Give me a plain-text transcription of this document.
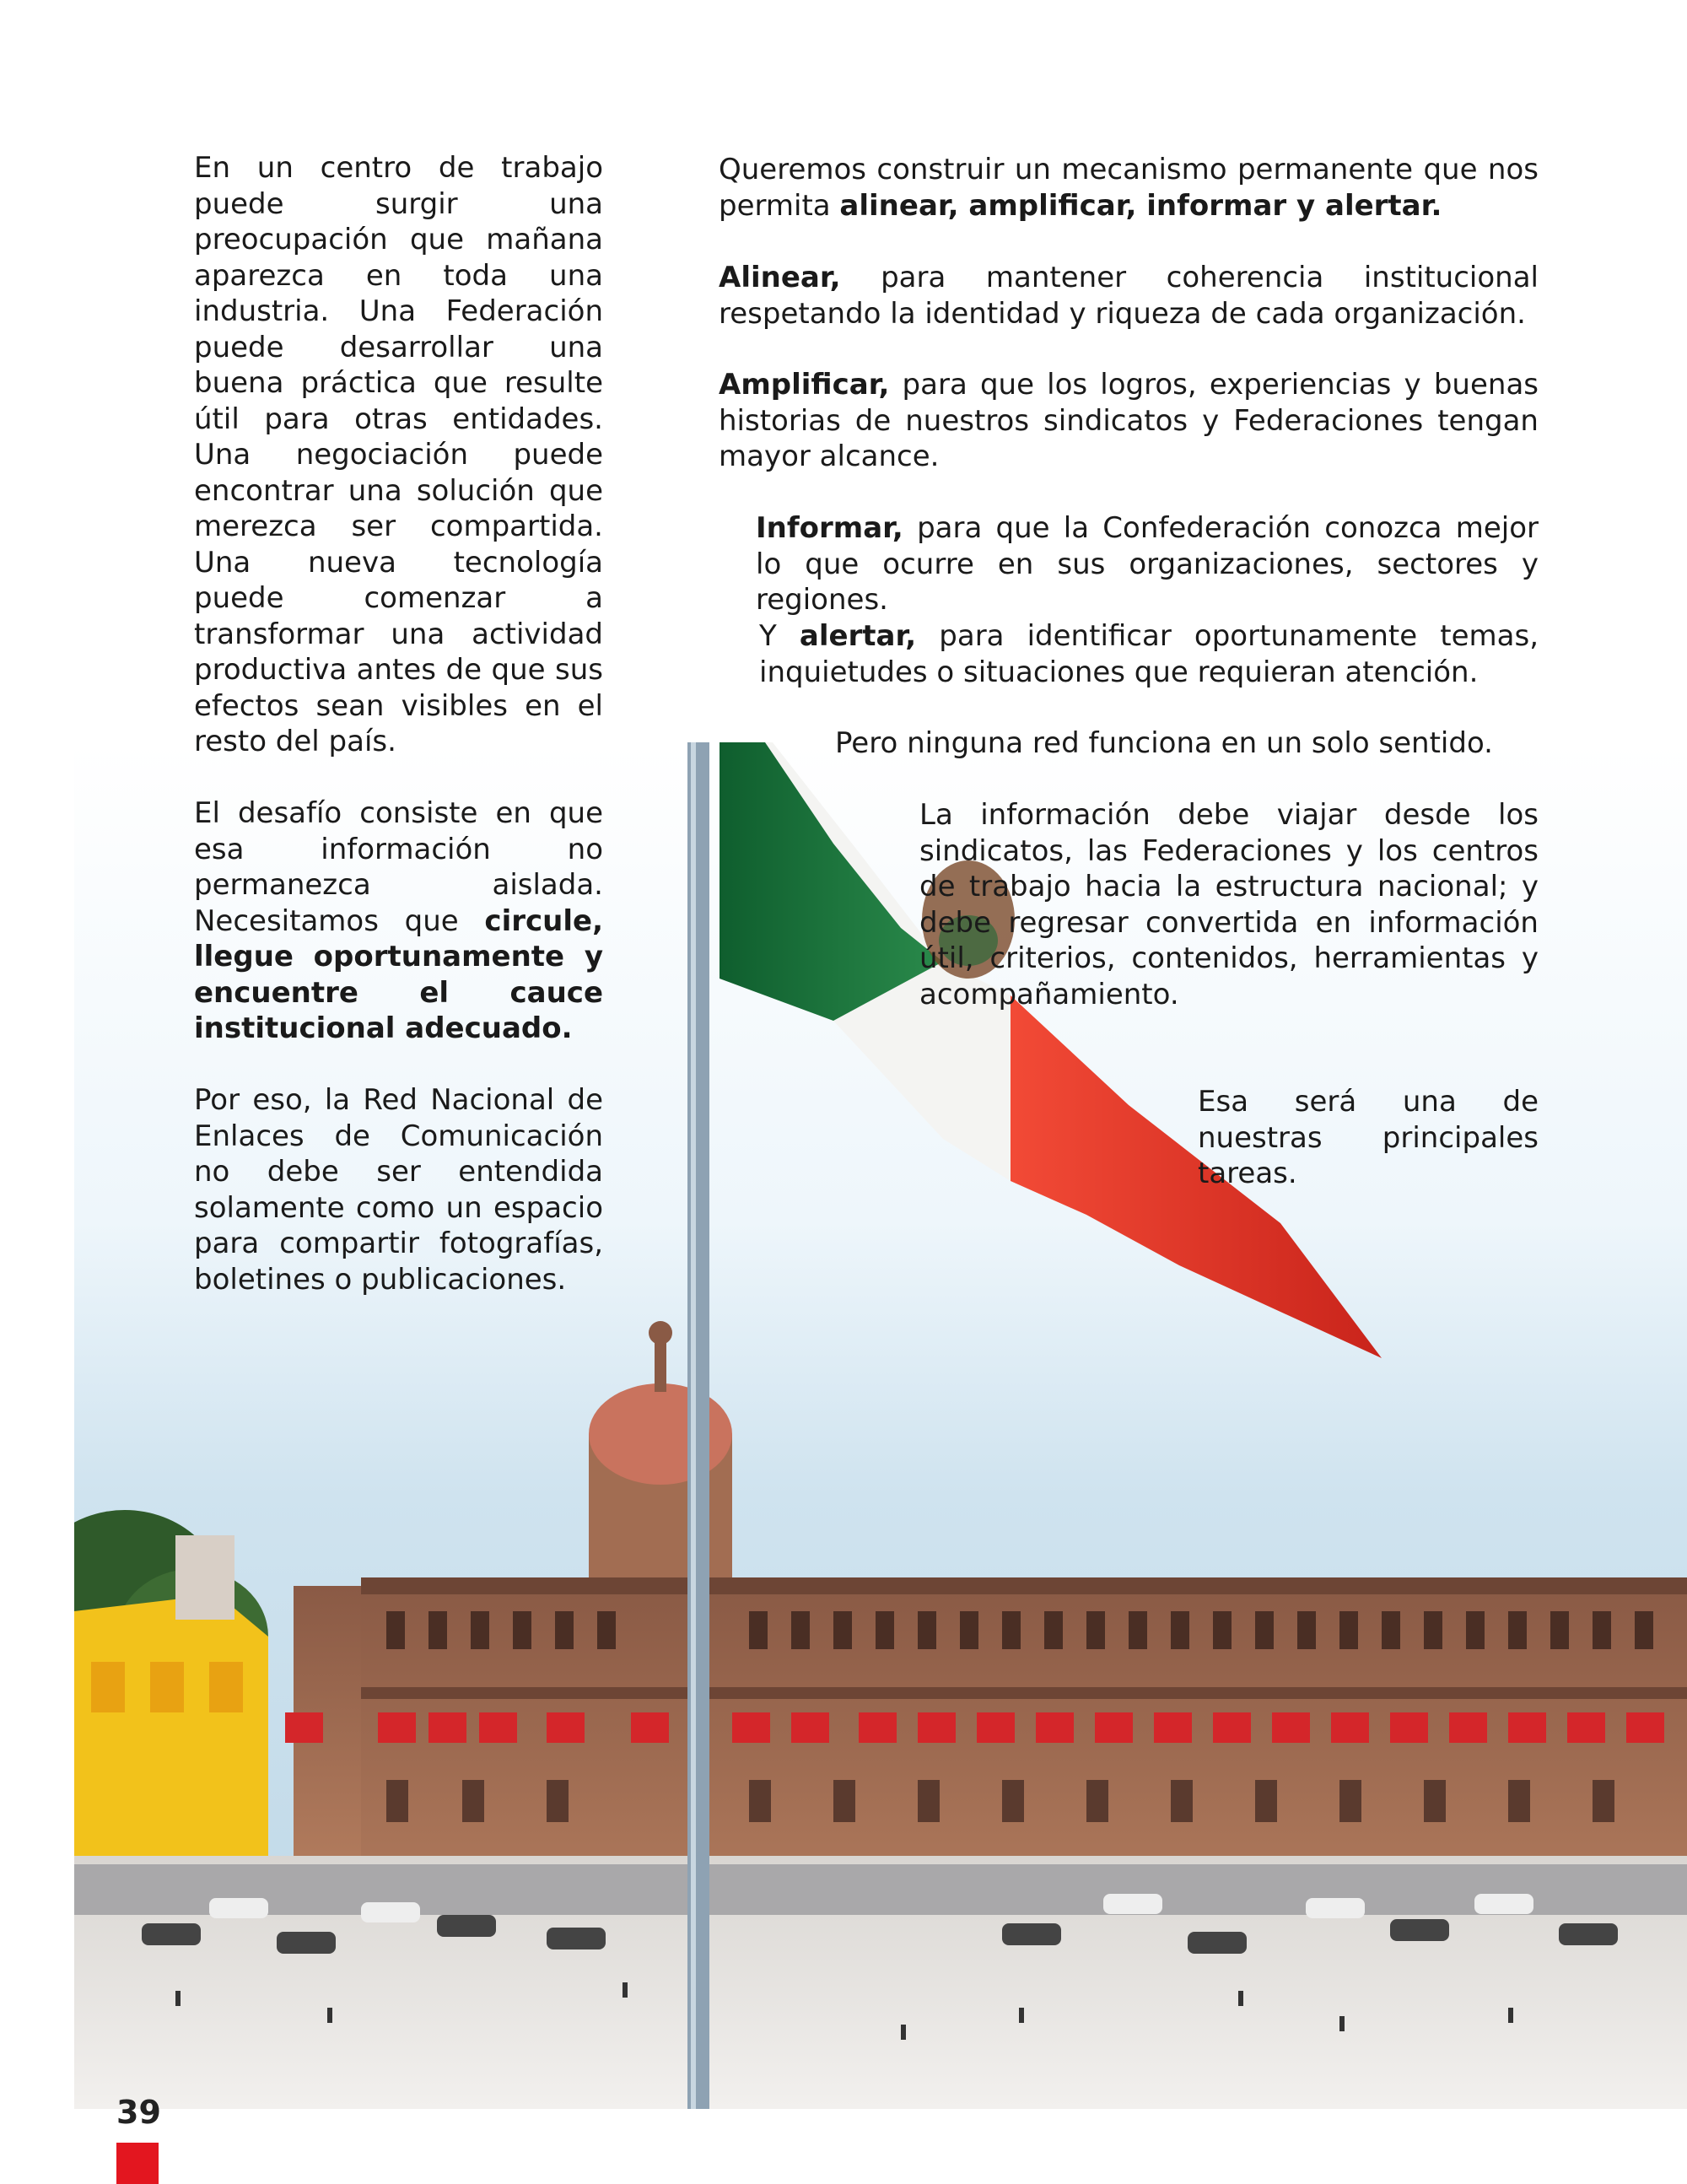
En un centro de trabajo puede surgir una preocupación que mañana aparezca en toda una industria. Una Federación puede desarrollar una buena práctica que resulte útil para otras entidades. Una negociación puede encontrar una solución que merezca ser compartida. Una nueva tecnología puede comenzar a transformar una actividad productiva antes de que sus efectos sean visibles en el resto del país.

El desafío consiste en que esa información no permanezca aislada. Necesitamos que circule, llegue oportunamente y encuentre el cauce institucional adecuado.

Por eso, la Red Nacional de Enlaces de Comunicación no debe ser entendida solamente como un espacio para compartir fotografías, boletines o publicaciones.

Queremos construir un mecanismo permanente que nos permita alinear, amplificar, informar y alertar.
Alinear, para mantener coherencia institucional respetando la identidad y riqueza de cada organización.
Amplificar, para que los logros, experiencias y buenas historias de nuestros sindicatos y Federaciones tengan mayor alcance.
Informar, para que la Confederación conozca mejor lo que ocurre en sus organizaciones, sectores y regiones.
Y alertar, para identificar oportunamente temas, inquietudes o situaciones que requieran atención.
Pero ninguna red funciona en un solo sentido.
La información debe viajar desde los sindicatos, las Federaciones y los centros de trabajo hacia la estructura nacional; y debe regresar convertida en información útil, criterios, contenidos, herramientas y acompañamiento.
Esa será una de nuestras principales tareas.
39
